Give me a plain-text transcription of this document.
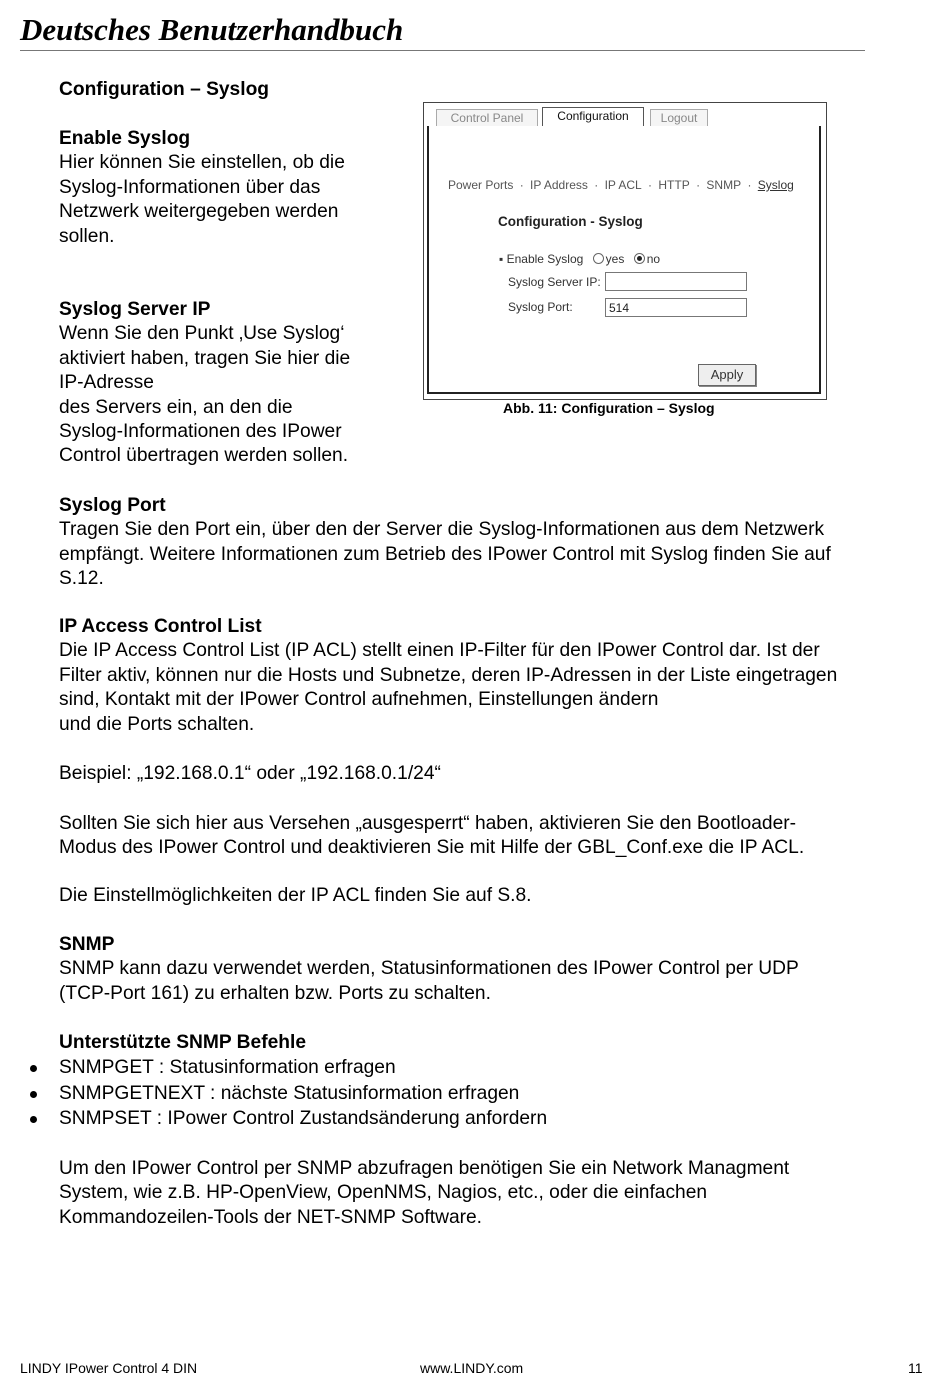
Deutsches Benutzerhandbuch
Configuration – Syslog

Enable Syslog

Hier können Sie einstellen, ob die

Syslog-Informationen über das

Netzwerk weitergegeben werden

sollen.

Syslog Server IP

Wenn Sie den Punkt ‚Use Syslog‘

aktiviert haben, tragen Sie hier die

IP-Adresse

des Servers ein, an den die

Syslog-Informationen des IPower

Control übertragen werden sollen.

Control Panel	Configuration	Logout
Power Ports · IP Address · IP ACL · HTTP · SNMP · Syslog
Configuration - Syslog
▪ Enable Syslog yes no
Syslog Server IP:
Syslog Port:	514
Apply
Abb. 11: Configuration – Syslog

Syslog Port

Tragen Sie den Port ein, über den der Server die Syslog-Informationen aus dem Netzwerk

empfängt. Weitere Informationen zum Betrieb des IPower Control mit Syslog finden Sie auf

S.12.

IP Access Control List

Die IP Access Control List (IP ACL) stellt einen IP-Filter für den IPower Control dar. Ist der

Filter aktiv, können nur die Hosts und Subnetze, deren IP-Adressen in der Liste eingetragen

sind, Kontakt mit der IPower Control aufnehmen, Einstellungen ändern

und die Ports schalten.

Beispiel: „192.168.0.1“ oder „192.168.0.1/24“

Sollten Sie sich hier aus Versehen „ausgesperrt“ haben, aktivieren Sie den Bootloader-

Modus des IPower Control und deaktivieren Sie mit Hilfe der GBL_Conf.exe die IP ACL.

Die Einstellmöglichkeiten der IP ACL finden Sie auf S.8.

SNMP

SNMP kann dazu verwendet werden, Statusinformationen des IPower Control per UDP

(TCP-Port 161) zu erhalten bzw. Ports zu schalten.

Unterstützte SNMP Befehle
SNMPGET : Statusinformation erfragen
SNMPGETNEXT : nächste Statusinformation erfragen
SNMPSET : IPower Control Zustandsänderung anfordern

Um den IPower Control per SNMP abzufragen benötigen Sie ein Network Managment

System, wie z.B. HP-OpenView, OpenNMS, Nagios, etc., oder die einfachen

Kommandozeilen-Tools der NET-SNMP Software.

LINDY IPower Control 4 DIN	www.LINDY.com	11
